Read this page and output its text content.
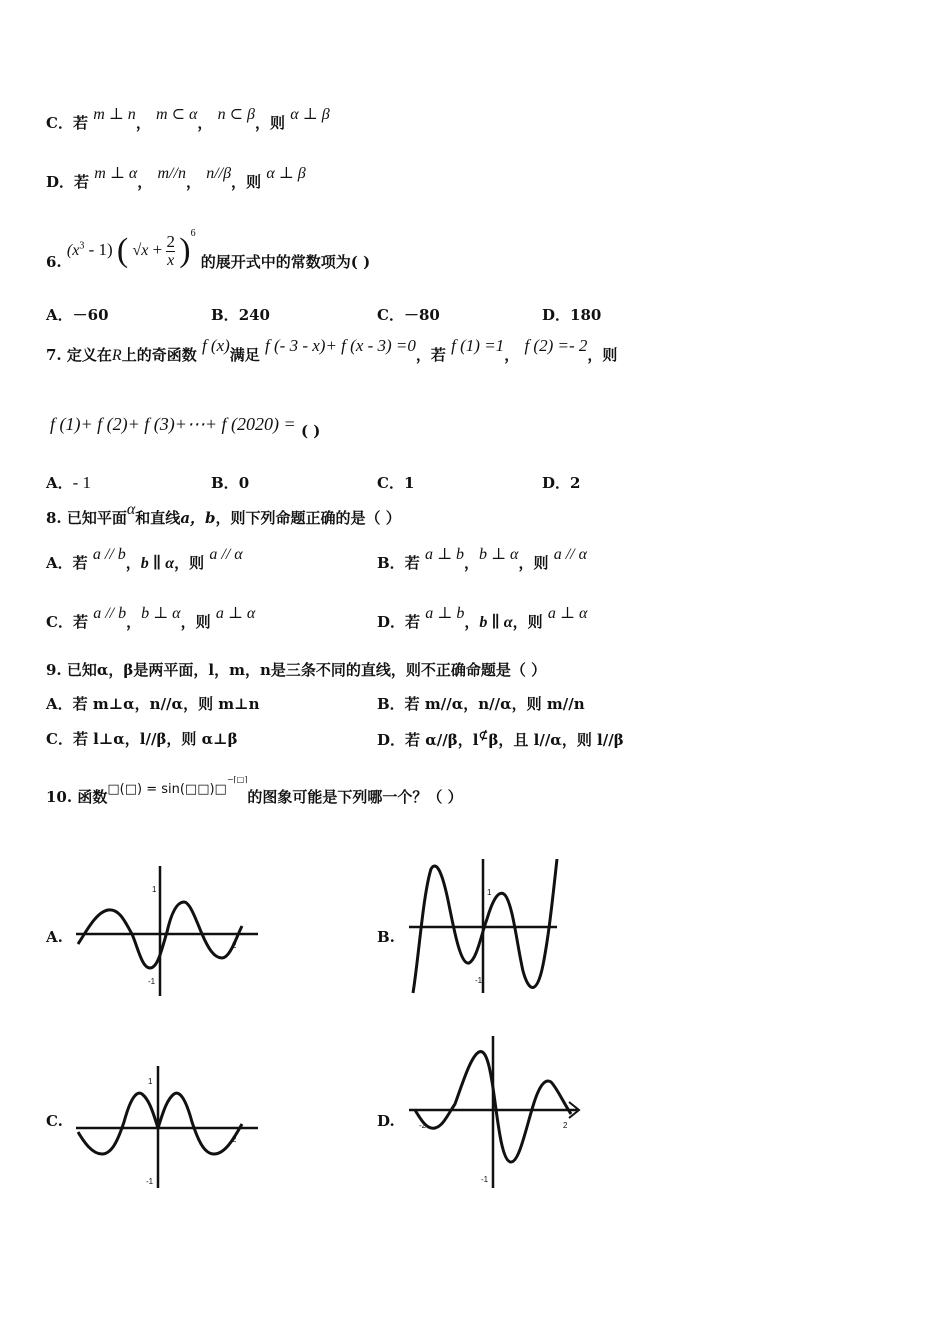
C．若 m ⊥ n， m ⊂ α， n ⊂ β，则 α ⊥ β
D．若 m ⊥ α， m//n， n//β，则 α ⊥ β
6. $(x^3 - 1)$ ( $√x + \frac{2}{x} )^6$ 的展开式中的常数项为( )
A．－60	B．240	C．－80	D．180
7. 定义在R上的奇函数 f (x)满足 f (- 3 - x)+ f (x - 3) =0，若 f (1) =1， f (2) =- 2，则
f (1)+ f (2)+ f (3)+⋯+ f (2020) = ( )
A．- 1	B．0	C．1	D．2
8. 已知平面α和直线a，b，则下列命题正确的是（ ）
A．若 a // b，b ∥ α，则 a // α	B．若 a ⊥ b，b ⊥ α，则 a // α
C．若 a // b，b ⊥ α，则 a ⊥ α	D．若 a ⊥ b，b ∥ α，则 a ⊥ α
9. 已知α，β是两平面，l，m，n是三条不同的直线，则不正确命题是（ ）
A．若 m⊥α，n//α，则 m⊥n	B．若 m//α，n//α，则 m//n
C．若 l⊥α，l//β，则 α⊥β	D．若 α//β，l⊄β，且 l//α，则 l//β
10. 函数□(□) = sin(□□)□−⌈□⌉的图象可能是下列哪一个？（ ）
A.	B.
C.	D.
1
-1
2
1
-1
1
-1
2
-1
2
-2
